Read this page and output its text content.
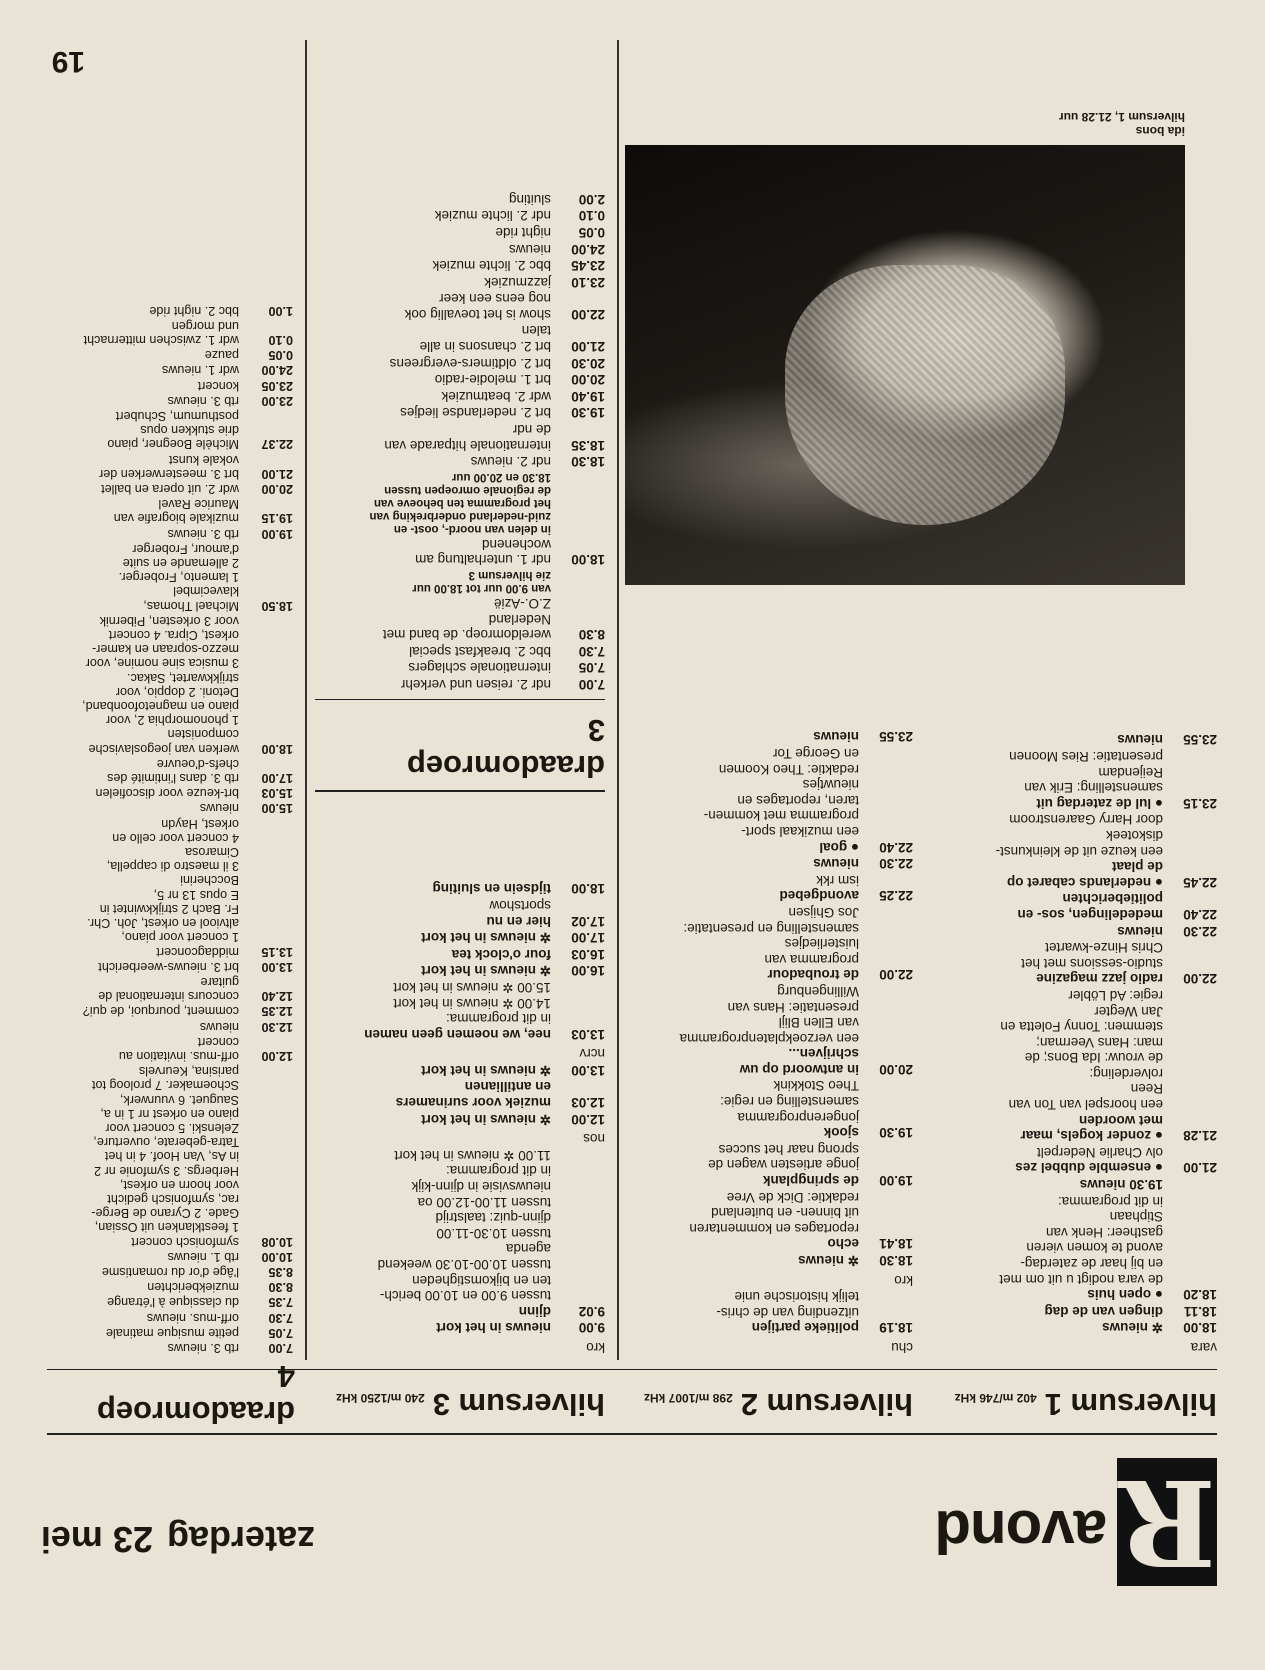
R
avond
zaterdag23 mei
19
hilversum 1402 m/746 kHz
hilversum 2298 m/1007 kHz
hilversum 3240 m/1250 kHz
draadomroep
4
vara
18.00
✲ nieuws
18.11
dingen van de dag
18.20
● open huis
de vara nodigt u uit om met
en bij haar de zaterdag-
avond te komen vieren
gastheer: Henk van
Stiphaan
in dit programma:
19.30 nieuws
21.00
● ensemble dubbel zes
olv Charlie Nederpelt
21.28
● zonder kogels, maar
met woorden
een hoorspel van Ton van
Reen
rolverdeling:
de vrouw: Ida Bons; de
man: Hans Veerman;
stemmen: Tonny Foletta en
Jan Wegter
regie: Ad Löbler
22.00
radio jazz magazine
studio-sessions met het
Chris Hinze-kwartet
22.30
nieuws
22.40
mededelingen, sos- en
politieberichten
22.45
● nederlands cabaret op
de plaat
een keuze uit de kleinkunst-
diskoteek
door Harry Gaarenstroom
23.15
● lul de zaterdag uit
samenstelling: Erik van
Reijendam
presentatie: Ries Moonen
23.55
nieuws
chu
18.19
politieke partijen
uitzending van de chris-
telijk historische unie
kro
18.30
✲ nieuws
18.41
echo
reportages en kommentaren
uit binnen- en buitenland
redaktie: Dick de Vree
19.00
de springplank
jonge artiesten wagen de
sprong naar het succes
19.30
sjook
jongerenprogramma
samenstelling en regie:
Theo Stokkink
20.00
in antwoord op uw
schrijven...
een verzoekplatenprogramma
van Ellen Blijl
presentatie: Hans van
Willingenburg
22.00
de troubadour
programma van
luisterliedjes
samenstelling en presentatie:
Jos Ghijsen
22.25
avondgebed
ism rkk
22.30
nieuws
22.40
● goal
een muzikaal sport-
programma met kommen-
taren, reportages en
nieuwtjes
redaktie: Theo Koomen
en George Tor
23.55
nieuws
kro
9.00
nieuws in het kort
9.02
djinn
tussen 9.00 en 10.00 berich-
ten en bijkomstigheden
tussen 10.00-10.30 weekend
agenda
tussen 10.30-11.00
djinn-quiz: taalstrijd
tussen 11.00-12.00 oa
nieuwsvisie in djinn-kijk
in dit programma:
11.00 ✲ nieuws in het kort
nos
12.00
✲ nieuws in het kort
12.03
muziek voor surinamers
en antillianen
13.00
✲ nieuws in het kort
ncrv
13.03
nee, we noemen geen namen
in dit programma:
14.00 ✲ nieuws in het kort
15.00 ✲ nieuws in het kort
16.00
✲ nieuws in het kort
16.03
four o'clock tea
17.00
✲ nieuws in het kort
17.02
hier en nu
sportshow
18.00
tijdsein en sluiting
draadomroep
3
7.00
ndr 2. reisen und verkehr
7.05
internationale schlagers
7.30
bbc 2. breakfast special
8.30
wereldomroep. de band met
Nederland
Z.O.-Azië
van 9.00 uur tot 18.00 uur
zie hilversum 3
18.00
ndr 1. unterhaltung am
wochenend
in delen van noord-, oost- en
zuid-nederland onderbreking van
het programma ten behoeve van
de regionale omroepen tussen
18.30 en 20.00 uur
18.30
ndr 2. nieuws
18.35
internationale hitparade van
de ndr
19.30
brt 2. nederlandse liedjes
19.40
wdr 2. beatmuziek
20.00
brt 1. melodie-radio
20.30
brt 2. oldtimers-evergreens
21.00
brt 2. chansons in alle
talen
22.00
show is het toevallig ook
nog eens een keer
23.10
jazzmuziek
23.45
bbc 2. lichte muziek
24.00
nieuws
0.05
night ride
0.10
ndr 2. lichte muziek
2.00
sluiting
7.00
rtb 3. nieuws
7.05
petite musique matinale
7.30
orff-mus. nieuws
7.35
du classique à l'étrange
8.30
muziekberichten
8.35
l'âge d'or du romantisme
10.00
rtb 1. nieuws
10.08
symfonisch concert
1 feestklanken uit Ossian,
Gade. 2 Cyrano de Berge-
rac, symfonisch gedicht
voor hoorn en orkest,
Herbergs. 3 symfonie nr 2
in As, Van Hoof. 4 in het
Tatra-geberate, ouverture,
Zelenski. 5 concert voor
piano en orkest nr 1 in a,
Sauguet. 6 vuurwerk,
Schoemaker. 7 proloog tot
parisina, Keurvels
12.00
orff-mus. invitation au
concert
12.30
nieuws
12.35
comment, pourquoi, de qui?
12.40
concours international de
guitare
13.00
brt 3. nieuws-weerbericht
13.15
middagconcert
1 concert voor piano,
altviool en orkest, Joh. Chr.
Fr. Bach 2 strijkkwintet in
E opus 13 nr 5,
Boccherini
3 il maestro di cappella,
Cimarosa
4 concert voor cello en
orkest, Haydn
15.00
nieuws
15.03
brt-keuze voor discofielen
17.00
rtb 3. dans l'intimité des
chefs-d'oeuvre
18.00
werken van joegoslavische
componisten
1 phonomorphia 2, voor
piano en magnetofoonband,
Detoni. 2 doppio, voor
strijkkwartet, Sakac.
3 musica sine nomine, voor
mezzo-sopraan en kamer-
orkest, Cipra. 4 concert
voor 3 orkesten, Pibernik
18.50
Michael Thomas,
klavecimbel
1 lamento, Froberger.
2 allemande en suite
d'amour, Froberger
19.00
rtb 3. nieuws
19.15
muzikale biografie van
Maurice Ravel
20.00
wdr 2. uit opera en ballet
21.00
brt 3. meesterwerken der
vokale kunst
22.37
Michèle Boegner, piano
drie stukken opus
posthumum, Schubert
23.00
rtb 3. nieuws
23.05
koncert
24.00
wdr 1. nieuws
0.05
pauze
0.10
wdr 1. zwischen mitternacht
und morgen
1.00
bbc 2. night ride
ida bons
hilversum 1, 21.28 uur
